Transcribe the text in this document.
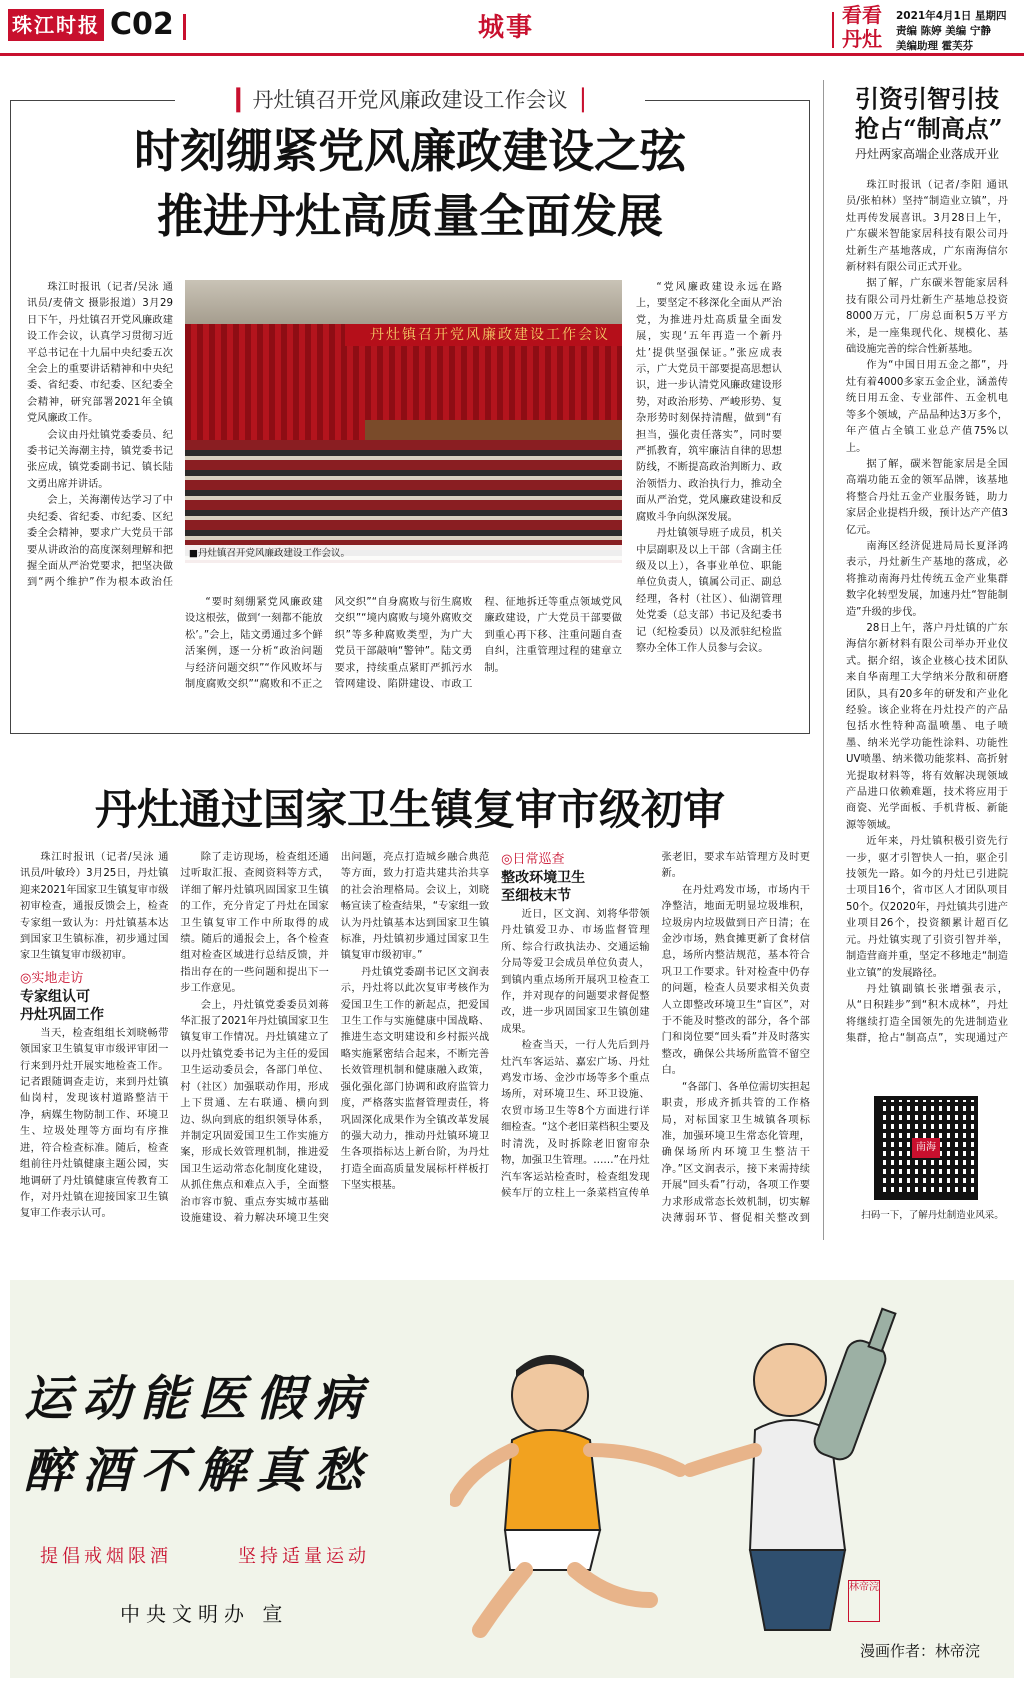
珠江时报 C02	城事	看看丹灶
2021年4月1日 星期四
责编 陈婷 美编 宁静
美编助理 霍芙芬
▎丹灶镇召开党风廉政建设工作会议▕
时刻绷紧党风廉政建设之弦
推进丹灶高质量全面发展
丹灶镇召开党风廉政建设工作会议
■丹灶镇召开党风廉政建设工作会议。

珠江时报讯（记者/吴泳 通讯员/麦倩文 摄影报道）3月29日下午，丹灶镇召开党风廉政建设工作会议，认真学习贯彻习近平总书记在十九届中央纪委五次全会上的重要讲话精神和中央纪委、省纪委、市纪委、区纪委全会精神，研究部署2021年全镇党风廉政工作。

会议由丹灶镇党委委员、纪委书记关海潮主持，镇党委书记张应成，镇党委副书记、镇长陆文勇出席并讲话。

会上，关海潮传达学习了中央纪委、省纪委、市纪委、区纪委全会精神，要求广大党员干部要从讲政治的高度深刻理解和把握全面从严治党要求，把坚决做到“两个维护”作为根本政治任

“党风廉政建设永远在路上，要坚定不移深化全面从严治党，为推进丹灶高质量全面发展，实现‘五年再造一个新丹灶’提供坚强保证。”张应成表示，广大党员干部要提高思想认识，进一步认清党风廉政建设形势，对政治形势、严峻形势、复杂形势时刻保持清醒，做到“有担当，强化责任落实”，同时要严抓教育，筑牢廉洁自律的思想防线，不断提高政治判断力、政治领悟力、政治执行力，推动全面从严治党，党风廉政建设和反腐败斗争向纵深发展。

丹灶镇领导班子成员，机关中层副职及以上干部（含副主任级及以上），各事业单位、职能单位负责人，镇属公司正、副总经理，各村（社区）、仙湖管理处党委（总支部）书记及纪委书记（纪检委员）以及派驻纪检监察办全体工作人员参与会议。

“要时刻绷紧党风廉政建设这根弦，做到‘一刻都不能放松’。”会上，陆文勇通过多个鲜活案例，逐一分析“政治问题与经济问题交织”“作风败坏与制度腐败交织”“腐败和不正之风交织”“自身腐败与衍生腐败交织”“境内腐败与境外腐败交织”等多种腐败类型，为广大党员干部敲响“警钟”。陆文勇要求，持续重点紧盯严抓污水管网建设、陷阱建设、市政工程、征地拆迁等重点领域党风廉政建设，广大党员干部要做到重心再下移、注重问题自查自纠，注重管理过程的建章立制。

丹灶通过国家卫生镇复审市级初审

珠江时报讯（记者/吴泳 通讯员/叶敏玲）3月25日，丹灶镇迎来2021年国家卫生镇复审市级初审检查，通报反馈会上，检查专家组一致认为：丹灶镇基本达到国家卫生镇标准，初步通过国家卫生镇复审市级初审。

◎实地走访
专家组认可
丹灶巩固工作

当天，检查组组长刘晓畅带领国家卫生镇复审市级评审团一行来到丹灶开展实地检查工作。记者跟随调查走访，来到丹灶镇仙岗村，发现该村道路整洁干净，病媒生物防制工作、环境卫生、垃圾处理等方面均有序推进，符合检查标准。随后，检查组前往丹灶镇健康主题公园，实地调研了丹灶镇健康宣传教育工作，对丹灶镇在迎接国家卫生镇复审工作表示认可。

除了走访现场，检查组还通过听取汇报、查阅资料等方式，详细了解丹灶镇巩固国家卫生镇的工作，充分肯定了丹灶在国家卫生镇复审工作中所取得的成绩。随后的通报会上，各个检查组对检查区域进行总结反馈，并指出存在的一些问题和提出下一步工作意见。

会上，丹灶镇党委委员刘蒋华汇报了2021年丹灶镇国家卫生镇复审工作情况。丹灶镇建立了以丹灶镇党委书记为主任的爱国卫生运动委员会，各部门单位、村（社区）加强联动作用，形成上下贯通、左右联通、横向到边、纵向到底的组织领导体系，并制定巩固爱国卫生工作实施方案，形成长效管理机制，推进爱国卫生运动常态化制度化建设，从抓住焦点和难点入手，全面整治市容市貌、重点夯实城市基础设施建设、着力解决环境卫生突出问题，亮点打造城乡融合典范等方面，致力打造共建共治共享的社会治理格局。会议上，刘晓畅宣读了检查结果，“专家组一致认为丹灶镇基本达到国家卫生镇标准，丹灶镇初步通过国家卫生镇复审市级初审。”

丹灶镇党委副书记区文润表示，丹灶将以此次复审考核作为爱国卫生工作的新起点，把爱国卫生工作与实施健康中国战略、推进生态文明建设和乡村振兴战略实施紧密结合起来，不断完善长效管理机制和健康融入政策，强化强化部门协调和政府监管力度，严格落实监督管理责任，将巩固深化成果作为全镇改革发展的强大动力，推动丹灶镇环境卫生各项指标达上新台阶，为丹灶打造全面高质量发展标杆样板打下坚实根基。

◎日常巡查
整改环境卫生
至细枝末节

近日，区文润、刘将华带领丹灶镇爱卫办、市场监督管理所、综合行政执法办、交通运输分局等爱卫会成员单位负责人，到镇内重点场所开展巩卫检查工作，并对现存的问题要求督促整改，进一步巩固国家卫生镇创建成果。

检查当天，一行人先后到丹灶汽车客运站、嘉宏广场、丹灶鸡发市场、金沙市场等多个重点场所，对环境卫生、环卫设施、农贸市场卫生等8个方面进行详细检查。“这个老旧菜档积尘要及时清洗，及时拆除老旧窗帘杂物，加强卫生管理。……”在丹灶汽车客运站检查时，检查组发现候车厅的立柱上一条菜档宣传单张老旧，要求车站管理方及时更新。

在丹灶鸡发市场，市场内干净整洁，地面无明显垃圾堆积，垃圾房内垃圾做到日产日清；在金沙市场，熟食摊更新了食材信息，场所内整洁规范，基本符合巩卫工作要求。针对检查中仍存的问题，检查人员要求相关负责人立即整改环境卫生“盲区”，对于不能及时整改的部分，各个部门和岗位要“回头看”并及时落实整改，确保公共场所监管不留空白。

“各部门、各单位需切实担起职责，形成齐抓共管的工作格局，对标国家卫生城镇各项标准，加强环境卫生常态化管理，确保场所内环境卫生整洁干净。”区文润表示，接下来需持续开展“回头看”行动，各项工作要力求形成常态长效机制，切实解决薄弱环节、督促相关整改到

引资引智引技
抢占“制高点”
丹灶两家高端企业落成开业

珠江时报讯（记者/李阳 通讯员/张柏林）坚持“制造业立镇”，丹灶再传发展喜讯。3月28日上午，广东碳米智能家居科技有限公司丹灶新生产基地落成，广东南海信尔新材料有限公司正式开业。

据了解，广东碳米智能家居科技有限公司丹灶新生产基地总投资8000万元，厂房总面积5万平方米，是一座集现代化、规模化、基础设施完善的综合性新基地。

作为“中国日用五金之都”，丹灶有着4000多家五金企业，涵盖传统日用五金、专业部件、五金机电等多个领域，产品品种达3万多个，年产值占全镇工业总产值75%以上。

据了解，碳米智能家居是全国高端功能五金的领军品牌，该基地将整合丹灶五金产业服务链，助力家居企业提档升级，预计达产产值3亿元。

南海区经济促进局局长夏泽鸿表示，丹灶新生产基地的落成，必将推动南海丹灶传统五金产业集群数字化转型发展，加速丹灶“智能制造”升级的步伐。

28日上午，落户丹灶镇的广东海信尔新材料有限公司举办开业仪式。据介绍，该企业核心技术团队来自华南理工大学纳米分散和研磨团队，具有20多年的研发和产业化经验。该企业将在丹灶投产的产品包括水性特种高温喷墨、电子喷墨、纳米光学功能性涂料、功能性UV喷墨、纳米微功能浆料、高折射光提取材料等，将有效解决现领域产品进口依赖难题，技术将应用于商瓷、光学面板、手机背板、新能源等领域。

近年来，丹灶镇积极引资先行一步，驱才引智快人一拍，驱企引技领先一路。如今的丹灶已引进院士项目16个，省市区人才团队项目50个。仅2020年，丹灶镇共引进产业项目26个，投资额累计超百亿元。丹灶镇实现了引资引智并举，制造营商并重，坚定不移地走“制造业立镇”的发展路径。

丹灶镇副镇长张增强表示，从“日积跬步”到“积木成林”，丹灶将继续打造全国领先的先进制造业集群，抢占“制高点”，实现通过产

南海
扫码一下，了解丹灶制造业风采。
运动能医假病
醉酒不解真愁
提倡戒烟限酒	坚持适量运动
中央文明办 宣
林帝浣
漫画作者：林帝浣
